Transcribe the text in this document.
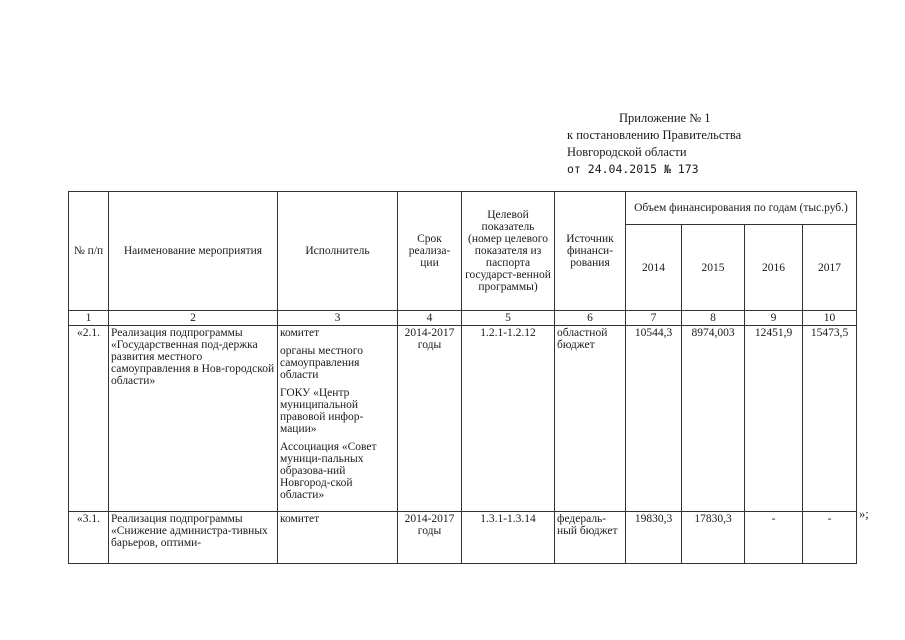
Приложение № 1
к постановлению Правительства
Новгородской области
от 24.04.2015 № 173
№ п/п	Наименование мероприятия	Исполнитель	Срок реализа-ции	Целевой показатель (номер целевого показателя из паспорта государст-венной программы)	Источник финанси-рования	Объем финансирования по годам (тыс.руб.)			
						2014	2015	2016	2017
1	2	3	4	5	6	7	8	9	10
«2.1.	Реализация подпрограммы «Государственная под-держка развития местного самоуправления в Нов-городской области»	комитет

органы местного самоуправления области

ГОКУ «Центр муниципальной правовой инфор-мации»

Ассоциация «Совет муници-пальных образова-ний Новгород-ской области»	2014-2017 годы	1.2.1-1.2.12	областной бюджет	10544,3	8974,003	12451,9	15473,5
«3.1.	Реализация подпрограммы «Снижение администра-тивных барьеров, оптими-	комитет	2014-2017 годы	1.3.1-1.3.14	федераль-ный бюджет	19830,3	17830,3	-	- »;
